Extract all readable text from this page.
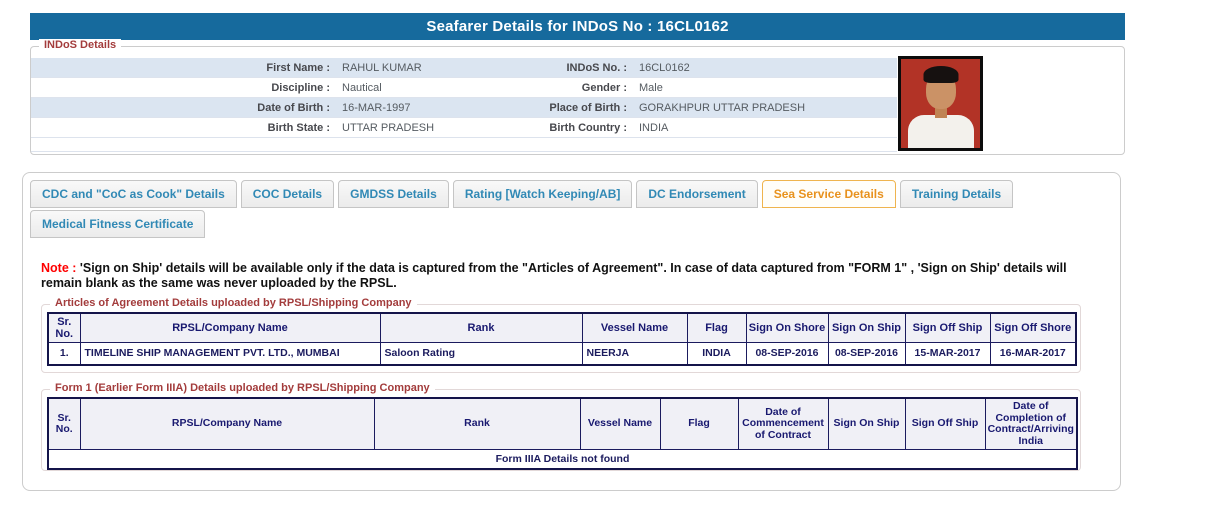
Seafarer Details for INDoS No : 16CL0162
INDoS Details
First Name :	RAHUL KUMAR	INDoS No. :	16CL0162
Discipline :	Nautical	Gender :	Male
Date of Birth :	16-MAR-1997	Place of Birth :	GORAKHPUR UTTAR PRADESH
Birth State :	UTTAR PRADESH	Birth Country :	INDIA
CDC and "CoC as Cook" Details	COC Details	GMDSS Details	Rating [Watch Keeping/AB]	DC Endorsement	Sea Service Details	Training Details
Medical Fitness Certificate

Note : 'Sign on Ship' details will be available only if the data is captured from the "Articles of Agreement". In case of data captured from "FORM 1" , 'Sign on Ship' details will remain blank as the same was never uploaded by the RPSL.

Articles of Agreement Details uploaded by RPSL/Shipping Company
Sr. No.	RPSL/Company Name	Rank	Vessel Name	Flag	Sign On Shore	Sign On Ship	Sign Off Ship	Sign Off Shore
1.	TIMELINE SHIP MANAGEMENT PVT. LTD., MUMBAI	Saloon Rating	NEERJA	INDIA	08-SEP-2016	08-SEP-2016	15-MAR-2017	16-MAR-2017
Form 1 (Earlier Form IIIA) Details uploaded by RPSL/Shipping Company
Sr. No.	RPSL/Company Name	Rank	Vessel Name	Flag	Date of Commencement of Contract	Sign On Ship	Sign Off Ship	Date of Completion of Contract/Arriving India
Form IIIA Details not found
